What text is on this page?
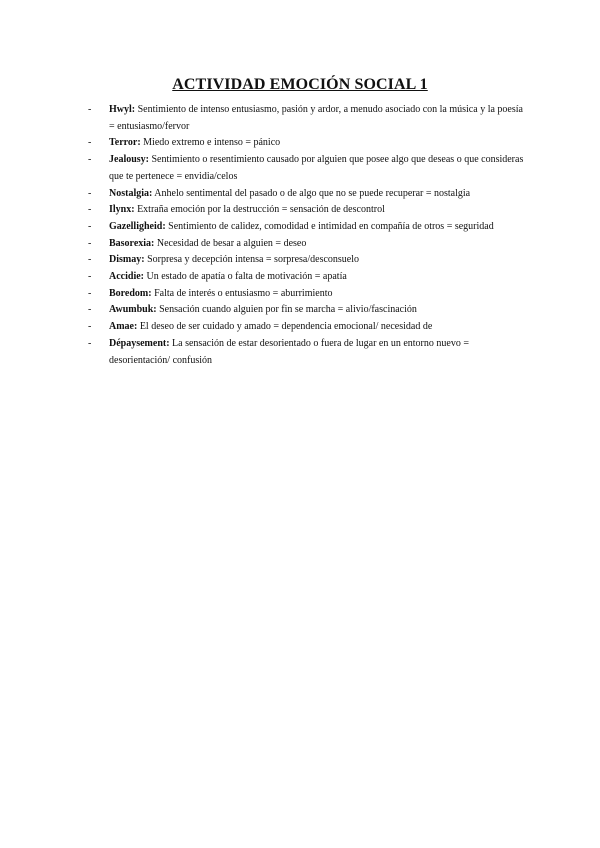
ACTIVIDAD EMOCIÓN SOCIAL 1
- Hwyl: Sentimiento de intenso entusiasmo, pasión y ardor, a menudo asociado con la música y la poesía = entusiasmo/fervor
- Terror: Miedo extremo e intenso = pánico
- Jealousy: Sentimiento o resentimiento causado por alguien que posee algo que deseas o que consideras que te pertenece = envidia/celos
- Nostalgia: Anhelo sentimental del pasado o de algo que no se puede recuperar = nostalgia
- Ilynx: Extraña emoción por la destrucción = sensación de descontrol
- Gazelligheid: Sentimiento de calidez, comodidad e intimidad en compañía de otros = seguridad
- Basorexia: Necesidad de besar a alguien = deseo
- Dismay: Sorpresa y decepción intensa = sorpresa/desconsuelo
- Accidie: Un estado de apatía o falta de motivación = apatía
- Boredom: Falta de interés o entusiasmo = aburrimiento
- Awumbuk: Sensación cuando alguien por fin se marcha = alivio/fascinación
- Amae: El deseo de ser cuidado y amado = dependencia emocional/ necesidad de
- Dépaysement: La sensación de estar desorientado o fuera de lugar en un entorno nuevo = desorientación/ confusión
